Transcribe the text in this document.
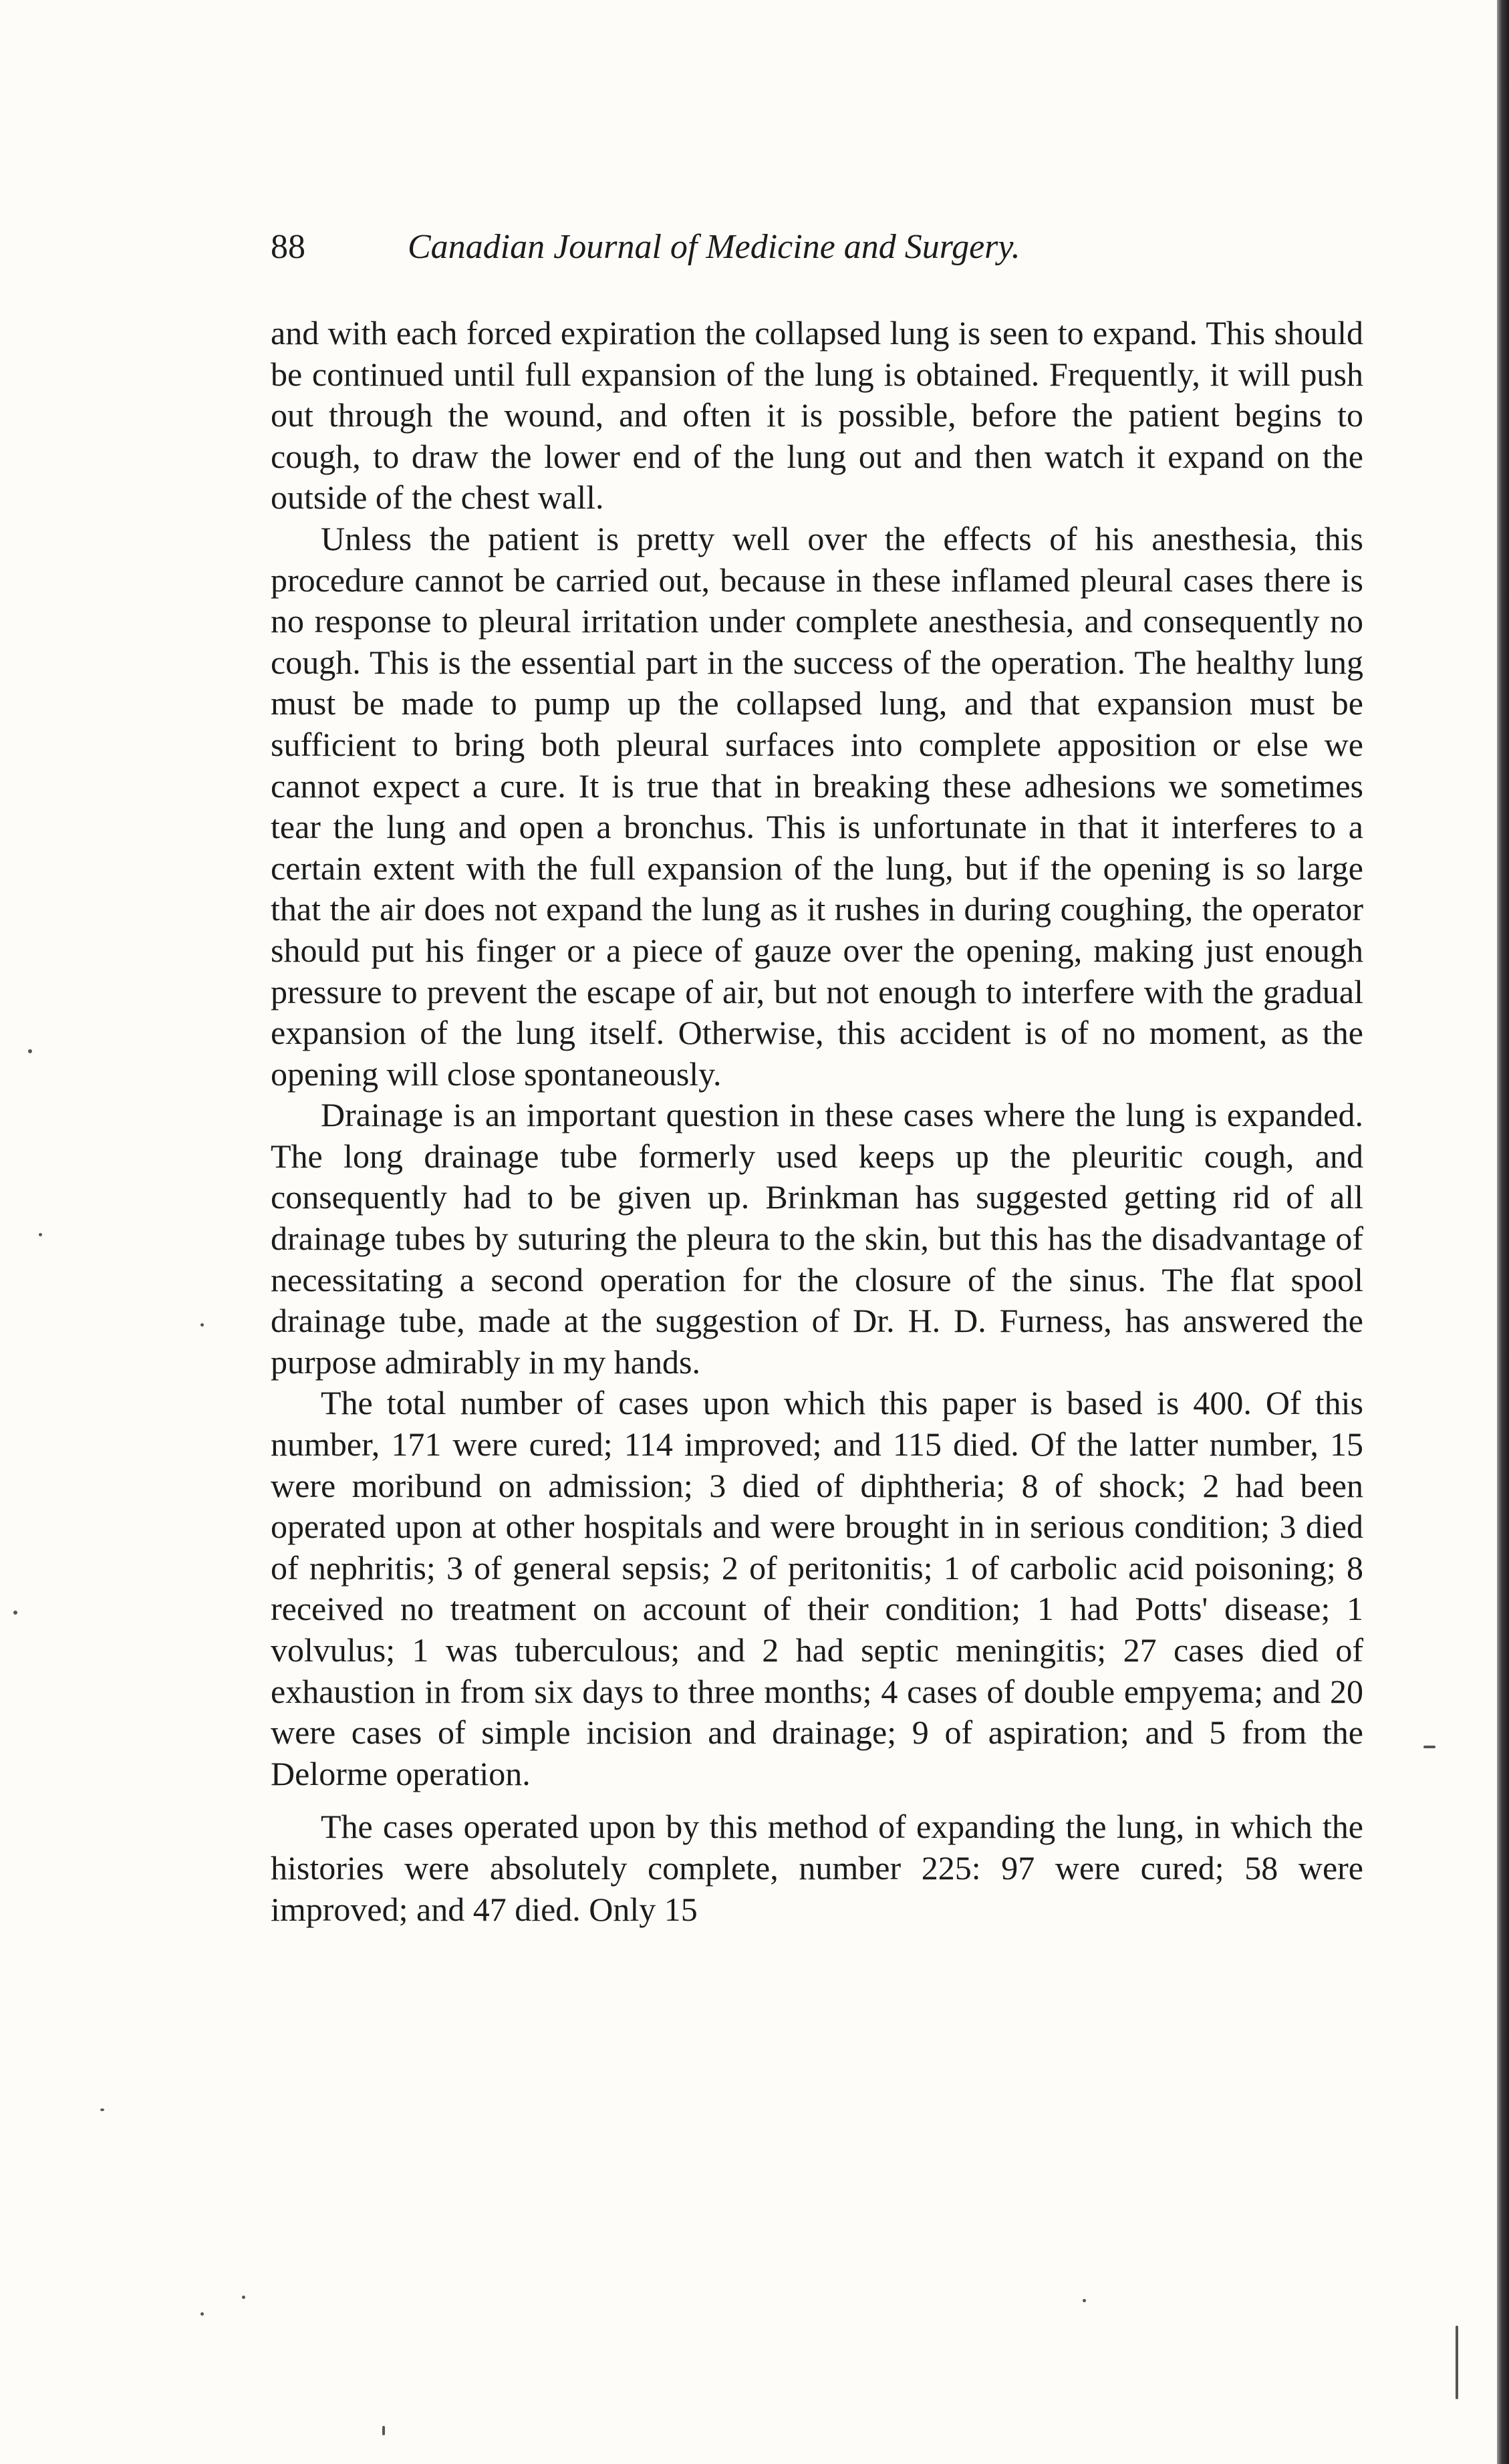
88	Canadian Journal of Medicine and Surgery.

and with each forced expiration the collapsed lung is seen to expand. This should be continued until full expansion of the lung is obtained. Frequently, it will push out through the wound, and often it is possible, before the patient begins to cough, to draw the lower end of the lung out and then watch it expand on the outside of the chest wall.

Unless the patient is pretty well over the effects of his anesthesia, this procedure cannot be carried out, because in these inflamed pleural cases there is no response to pleural irritation under complete anesthesia, and consequently no cough. This is the essential part in the success of the operation. The healthy lung must be made to pump up the collapsed lung, and that expansion must be sufficient to bring both pleural surfaces into complete apposition or else we cannot expect a cure. It is true that in breaking these adhesions we sometimes tear the lung and open a bronchus. This is unfortunate in that it interferes to a certain extent with the full expansion of the lung, but if the opening is so large that the air does not expand the lung as it rushes in during coughing, the operator should put his finger or a piece of gauze over the opening, making just enough pressure to prevent the escape of air, but not enough to interfere with the gradual expansion of the lung itself. Otherwise, this accident is of no moment, as the opening will close spontaneously.

Drainage is an important question in these cases where the lung is expanded. The long drainage tube formerly used keeps up the pleuritic cough, and consequently had to be given up. Brinkman has suggested getting rid of all drainage tubes by suturing the pleura to the skin, but this has the disadvantage of necessitating a second operation for the closure of the sinus. The flat spool drainage tube, made at the suggestion of Dr. H. D. Furness, has answered the purpose admirably in my hands.

The total number of cases upon which this paper is based is 400. Of this number, 171 were cured; 114 improved; and 115 died. Of the latter number, 15 were moribund on admission; 3 died of diphtheria; 8 of shock; 2 had been operated upon at other hospitals and were brought in in serious condition; 3 died of nephritis; 3 of general sepsis; 2 of peritonitis; 1 of carbolic acid poisoning; 8 received no treatment on account of their condition; 1 had Potts' disease; 1 volvulus; 1 was tuberculous; and 2 had septic meningitis; 27 cases died of exhaustion in from six days to three months; 4 cases of double empyema; and 20 were cases of simple incision and drainage; 9 of aspiration; and 5 from the Delorme operation.

The cases operated upon by this method of expanding the lung, in which the histories were absolutely complete, number 225: 97 were cured; 58 were improved; and 47 died. Only 15
